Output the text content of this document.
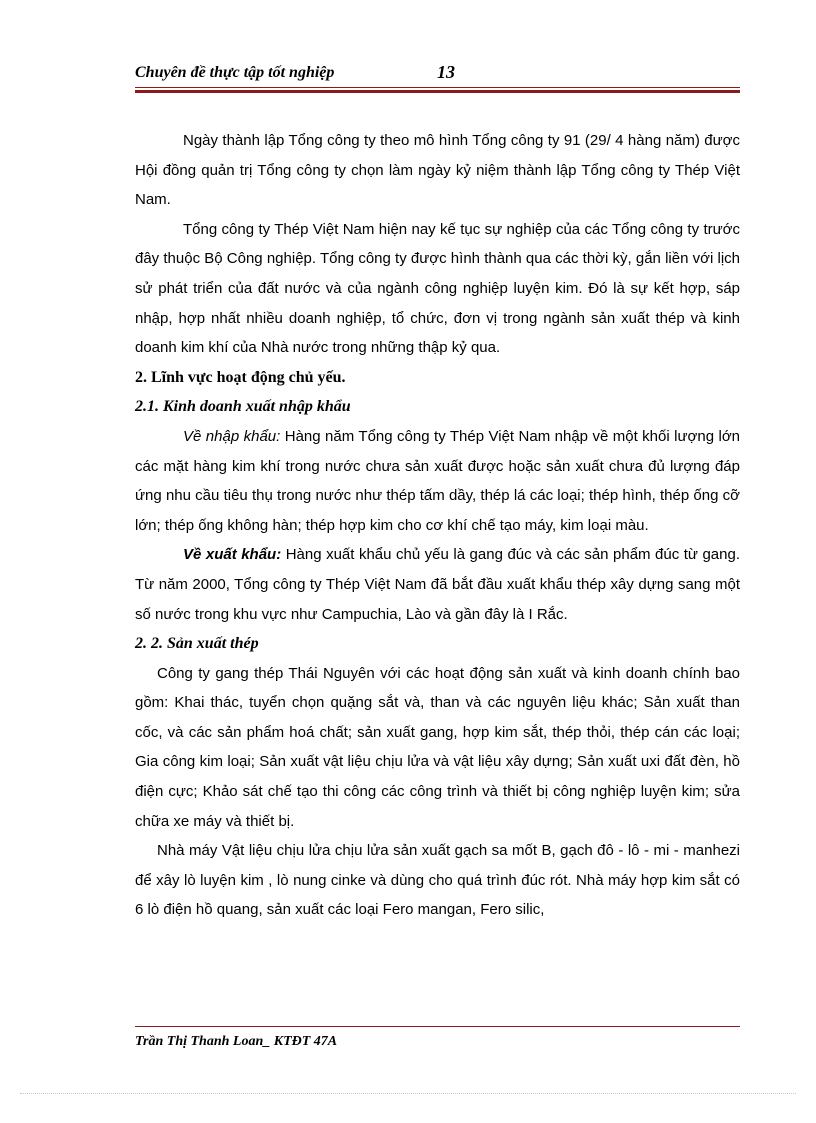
Chuyên đề thực tập tốt nghiệp	13

Ngày thành lập Tổng công ty theo mô hình Tổng công ty 91 (29/ 4 hàng năm) được Hội đồng quản trị Tổng công ty chọn làm ngày kỷ niệm thành lập Tổng công ty Thép Việt Nam.

Tổng công ty Thép Việt Nam hiện nay kế tục sự nghiệp của các Tổng công ty trước đây thuộc Bộ Công nghiệp. Tổng công ty được hình thành qua các thời kỳ, gắn liền với lịch sử phát triển của đất nước và của ngành công nghiệp luyện kim. Đó là sự kết hợp, sáp nhập, hợp nhất nhiều doanh nghiệp, tổ chức, đơn vị trong ngành sản xuất thép và kinh doanh kim khí của Nhà nước trong những thập kỷ qua.

2. Lĩnh vực hoạt động chủ yếu.

2.1. Kinh doanh xuất nhập khẩu

Về nhập khẩu: Hàng năm Tổng công ty Thép Việt Nam nhập về một khối lượng lớn các mặt hàng kim khí trong nước chưa sản xuất được hoặc sản xuất chưa đủ lượng đáp ứng nhu cầu tiêu thụ trong nước như thép tấm dầy, thép lá các loại; thép hình, thép ống cỡ lớn; thép ống không hàn; thép hợp kim cho cơ khí chế tạo máy, kim loại màu.

Về xuất khẩu: Hàng xuất khẩu chủ yếu là gang đúc và các sản phẩm đúc từ gang. Từ năm 2000, Tổng công ty Thép Việt Nam đã bắt đầu xuất khẩu thép xây dựng sang một số nước trong khu vực như Campuchia, Lào và gần đây là I Rắc.

2. 2. Sản xuất thép

Công ty gang thép Thái Nguyên với các hoạt động sản xuất và kinh doanh chính bao gồm: Khai thác, tuyển chọn quặng sắt và, than và các nguyên liệu khác; Sản xuất than cốc, và các sản phẩm hoá chất; sản xuất gang, hợp kim sắt, thép thỏi, thép cán các loại; Gia công kim loại; Sản xuất vật liệu chịu lửa và vật liệu xây dựng; Sản xuất uxi đất đèn, hồ điện cực; Khảo sát chế tạo thi công các công trình và thiết bị công nghiệp luyện kim; sửa chữa xe máy và thiết bị.

Nhà máy Vật liệu chịu lửa chịu lửa sản xuất gạch sa mốt B, gạch đô - lô - mi - manhezi để xây lò luyện kim , lò nung cinke và dùng cho quá trình đúc rót. Nhà máy hợp kim sắt có 6 lò điện hồ quang, sản xuất các loại Fero mangan, Fero silic,

Trần Thị Thanh Loan_ KTĐT 47A
